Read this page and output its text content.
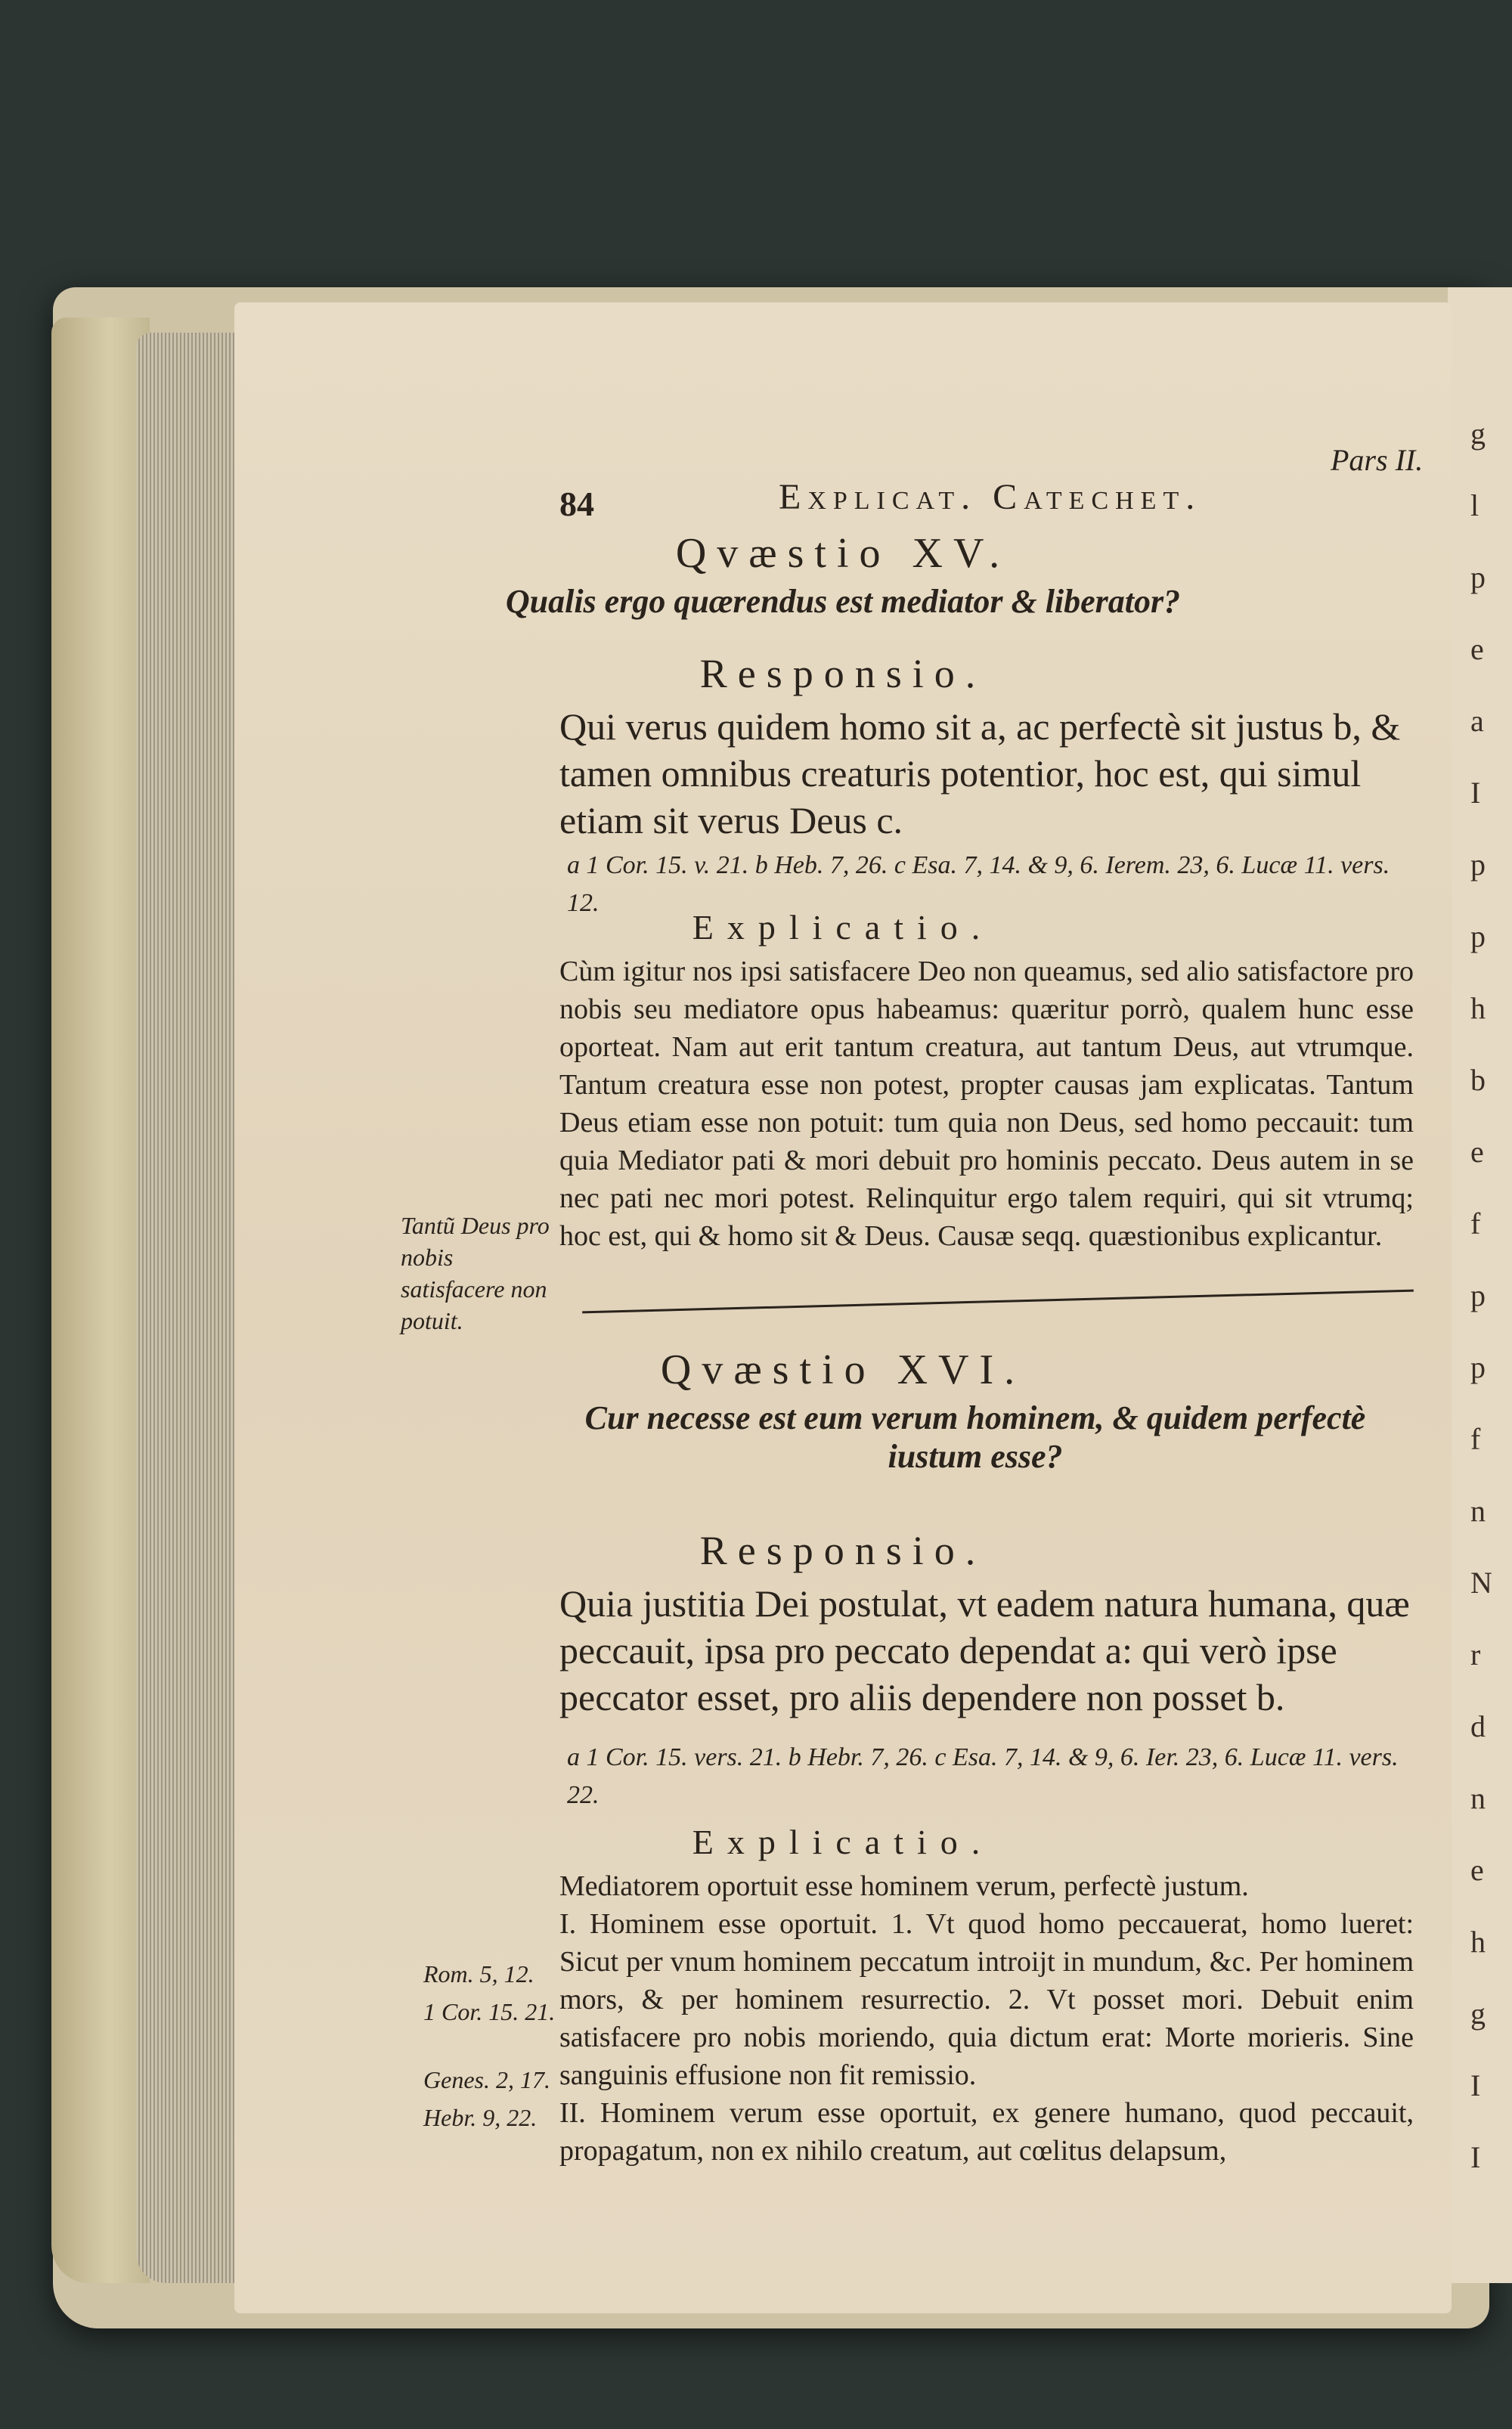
g
l
p
e
a
I
p
p
h
b
e
f
p
p
f
n
N
r
d
n
e
h
g
I
I
84	Explicat. Catechet.
Pars II.
Qvæstio XV.
Qualis ergo quærendus est mediator & liberator?
Responsio.
Qui verus quidem homo sit a, ac perfectè sit justus b, & tamen omnibus creaturis potentior, hoc est, qui simul etiam sit verus Deus c.
a 1 Cor. 15. v. 21. b Heb. 7, 26. c Esa. 7, 14. & 9, 6. Ierem. 23, 6. Lucæ 11. vers. 12.
Explicatio.
Cùm igitur nos ipsi satisfacere Deo non queamus, sed alio satisfactore pro nobis seu mediatore opus habeamus: quæritur porrò, qualem hunc esse oporteat. Nam aut erit tantum creatura, aut tantum Deus, aut vtrumque. Tantum creatura esse non potest, propter causas jam explicatas. Tantum Deus etiam esse non potuit: tum quia non Deus, sed homo peccauit: tum quia Mediator pati & mori debuit pro hominis peccato. Deus autem in se nec pati nec mori potest. Relinquitur ergo talem requiri, qui sit vtrumq; hoc est, qui & homo sit & Deus. Causæ seqq. quæstionibus explicantur.
Tantũ Deus pro nobis satisfacere non potuit.
Qvæstio XVI.
Cur necesse est eum verum hominem, & quidem perfectè iustum esse?
Responsio.
Quia justitia Dei postulat, vt eadem natura humana, quæ peccauit, ipsa pro peccato dependat a: qui verò ipse peccator esset, pro aliis dependere non posset b.
a 1 Cor. 15. vers. 21. b Hebr. 7, 26. c Esa. 7, 14. & 9, 6. Ier. 23, 6. Lucæ 11. vers. 22.
Explicatio.
Mediatorem oportuit esse hominem verum, perfectè justum.
I. Hominem esse oportuit. 1. Vt quod homo peccauerat, homo lueret: Sicut per vnum hominem peccatum introijt in mundum, &c. Per hominem mors, & per hominem resurrectio. 2. Vt posset mori. Debuit enim satisfacere pro nobis moriendo, quia dictum erat: Morte morieris. Sine sanguinis effusione non fit remissio.
II. Hominem verum esse oportuit, ex genere humano, quod peccauit, propagatum, non ex nihilo creatum, aut cœlitus delapsum,
Rom. 5, 12.
1 Cor. 15. 21.
Genes. 2, 17.
Hebr. 9, 22.
